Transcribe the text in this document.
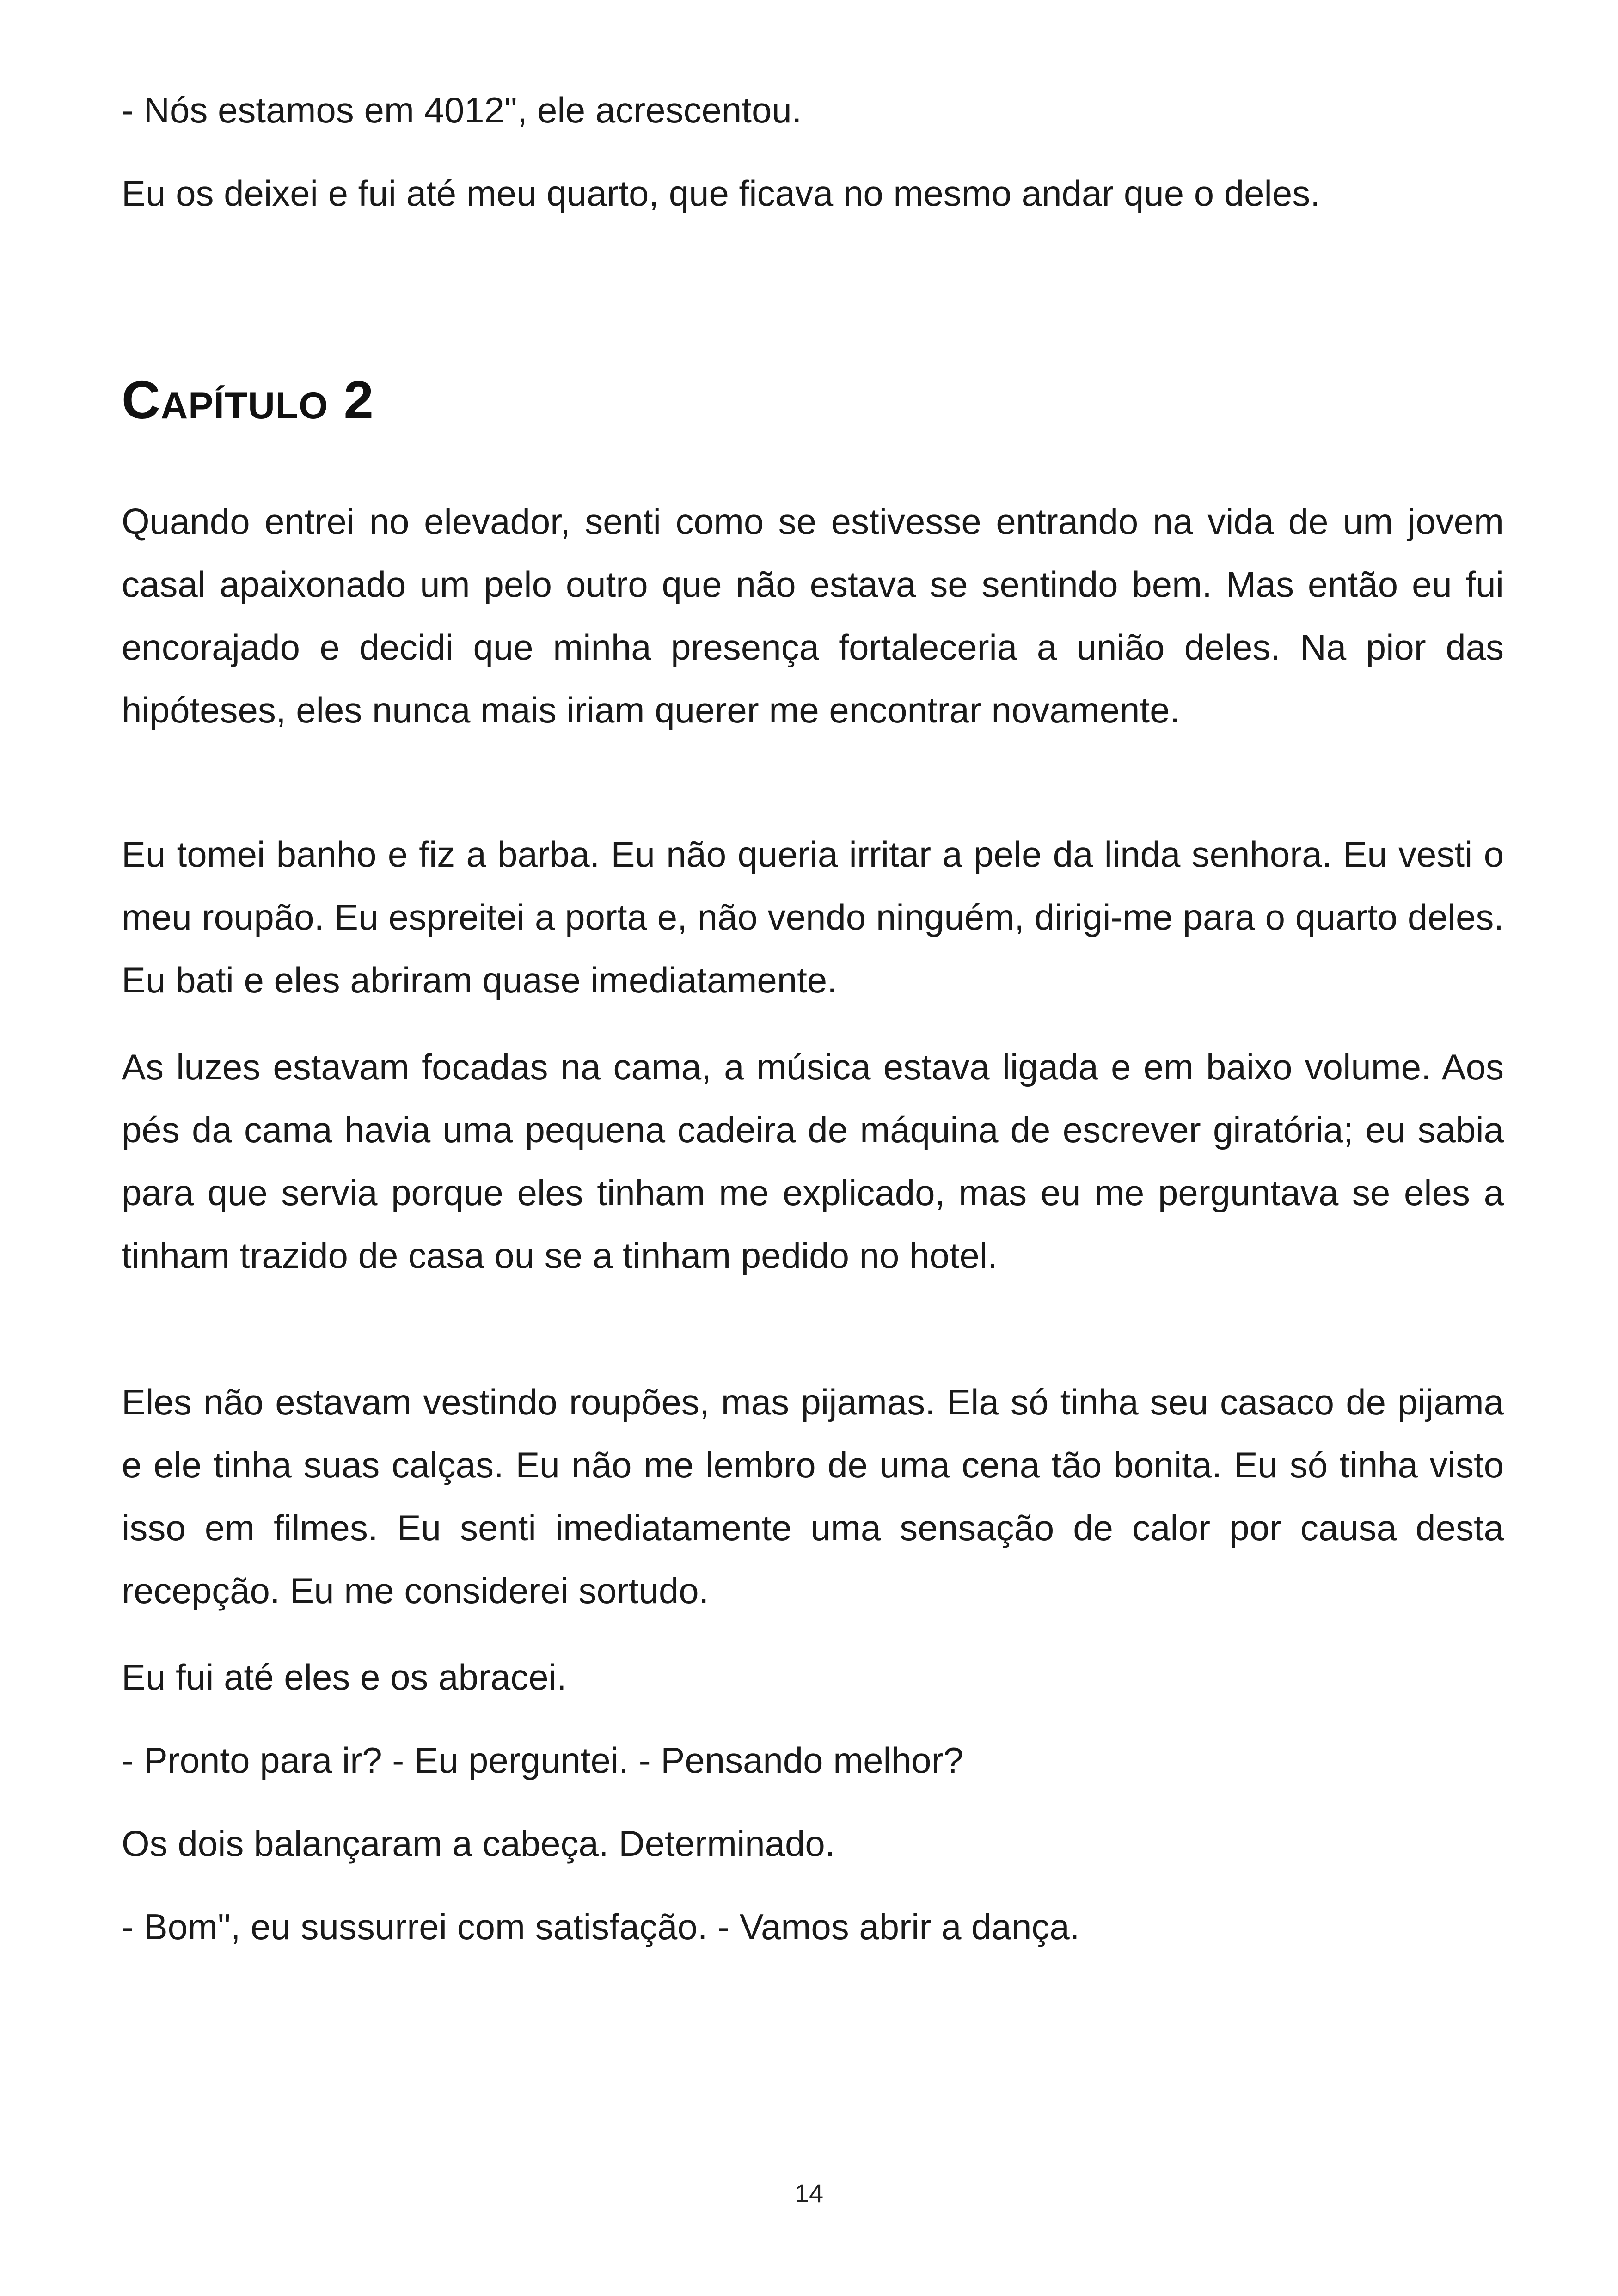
- Nós estamos em 4012", ele acrescentou.

Eu os deixei e fui até meu quarto, que ficava no mesmo andar que o deles.

Capítulo 2

Quando entrei no elevador, senti como se estivesse entrando na vida de um jovem casal apaixonado um pelo outro que não estava se sentindo bem. Mas então eu fui encorajado e decidi que minha presença fortaleceria a união deles. Na pior das hipóteses, eles nunca mais iriam querer me encontrar novamente.

Eu tomei banho e fiz a barba. Eu não queria irritar a pele da linda senhora. Eu vesti o meu roupão. Eu espreitei a porta e, não vendo ninguém, dirigi-me para o quarto deles. Eu bati e eles abriram quase imediatamente.

As luzes estavam focadas na cama, a música estava ligada e em baixo volume. Aos pés da cama havia uma pequena cadeira de máquina de escrever giratória; eu sabia para que servia porque eles tinham me explicado, mas eu me perguntava se eles a tinham trazido de casa ou se a tinham pedido no hotel.

Eles não estavam vestindo roupões, mas pijamas. Ela só tinha seu casaco de pijama e ele tinha suas calças. Eu não me lembro de uma cena tão bonita. Eu só tinha visto isso em filmes. Eu senti imediatamente uma sensação de calor por causa desta recepção. Eu me considerei sortudo.

Eu fui até eles e os abracei.

- Pronto para ir? - Eu perguntei. - Pensando melhor?

Os dois balançaram a cabeça. Determinado.

- Bom", eu sussurrei com satisfação. - Vamos abrir a dança.

14
